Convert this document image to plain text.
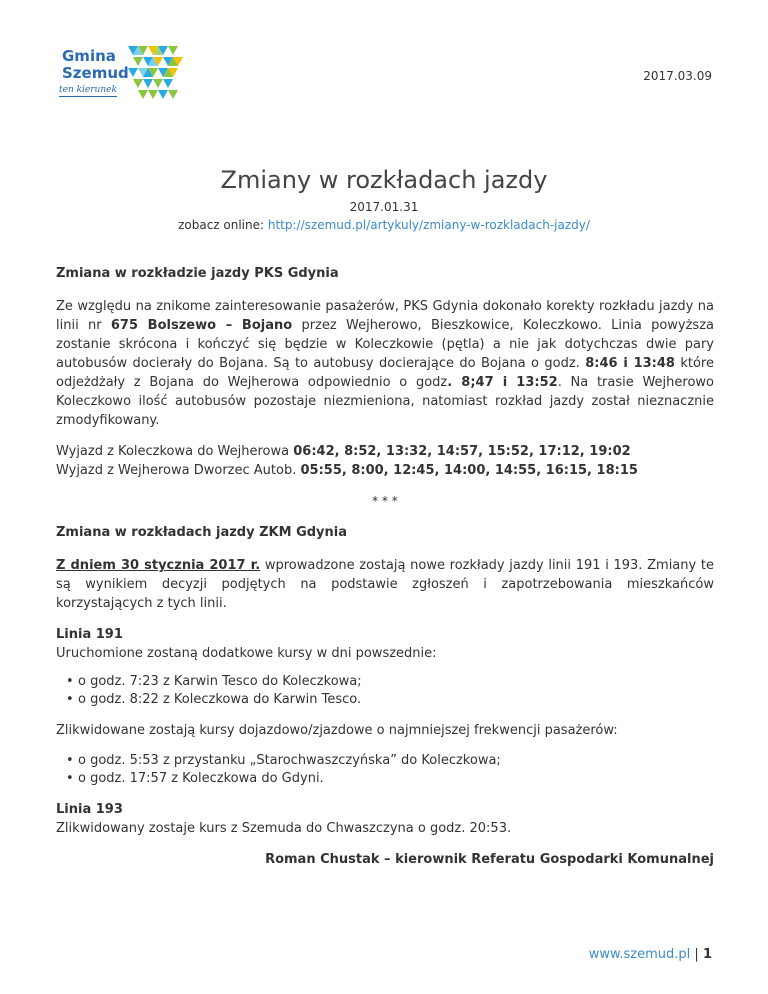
Gmina
Szemud
ten kierunek
2017.03.09
Zmiany w rozkładach jazdy
2017.01.31
zobacz online: http://szemud.pl/artykuly/zmiany-w-rozkladach-jazdy/

Zmiana w rozkładzie jazdy PKS Gdynia

Ze względu na znikome zainteresowanie pasażerów, PKS Gdynia dokonało korekty rozkładu jazdy na linii nr 675 Bolszewo – Bojano przez Wejherowo, Bieszkowice, Koleczkowo. Linia powyższa zostanie skrócona i kończyć się będzie w Koleczkowie (pętla) a nie jak dotychczas dwie pary autobusów docierały do Bojana. Są to autobusy docierające do Bojana o godz. 8:46 i 13:48 które odjeżdżały z Bojana do Wejherowa odpowiednio o godz. 8;47 i 13:52. Na trasie Wejherowo Koleczkowo ilość autobusów pozostaje niezmieniona, natomiast rozkład jazdy został nieznacznie zmodyfikowany.

Wyjazd z Koleczkowa do Wejherowa 06:42, 8:52, 13:32, 14:57, 15:52, 17:12, 19:02

Wyjazd z Wejherowa Dworzec Autob. 05:55, 8:00, 12:45, 14:00, 14:55, 16:15, 18:15

* * *

Zmiana w rozkładach jazdy ZKM Gdynia

Z dniem 30 stycznia 2017 r. wprowadzone zostają nowe rozkłady jazdy linii 191 i 193. Zmiany te są wynikiem decyzji podjętych na podstawie zgłoszeń i zapotrzebowania mieszkańców korzystających z tych linii.

Linia 191

Uruchomione zostaną dodatkowe kursy w dni powszednie:

• o godz. 7:23 z Karwin Tesco do Koleczkowa;
• o godz. 8:22 z Koleczkowa do Karwin Tesco.

Zlikwidowane zostają kursy dojazdowo/zjazdowe o najmniejszej frekwencji pasażerów:

• o godz. 5:53 z przystanku „Starochwaszczyńska” do Koleczkowa;
• o godz. 17:57 z Koleczkowa do Gdyni.

Linia 193

Zlikwidowany zostaje kurs z Szemuda do Chwaszczyna o godz. 20:53.

Roman Chustak – kierownik Referatu Gospodarki Komunalnej

www.szemud.pl | 1
